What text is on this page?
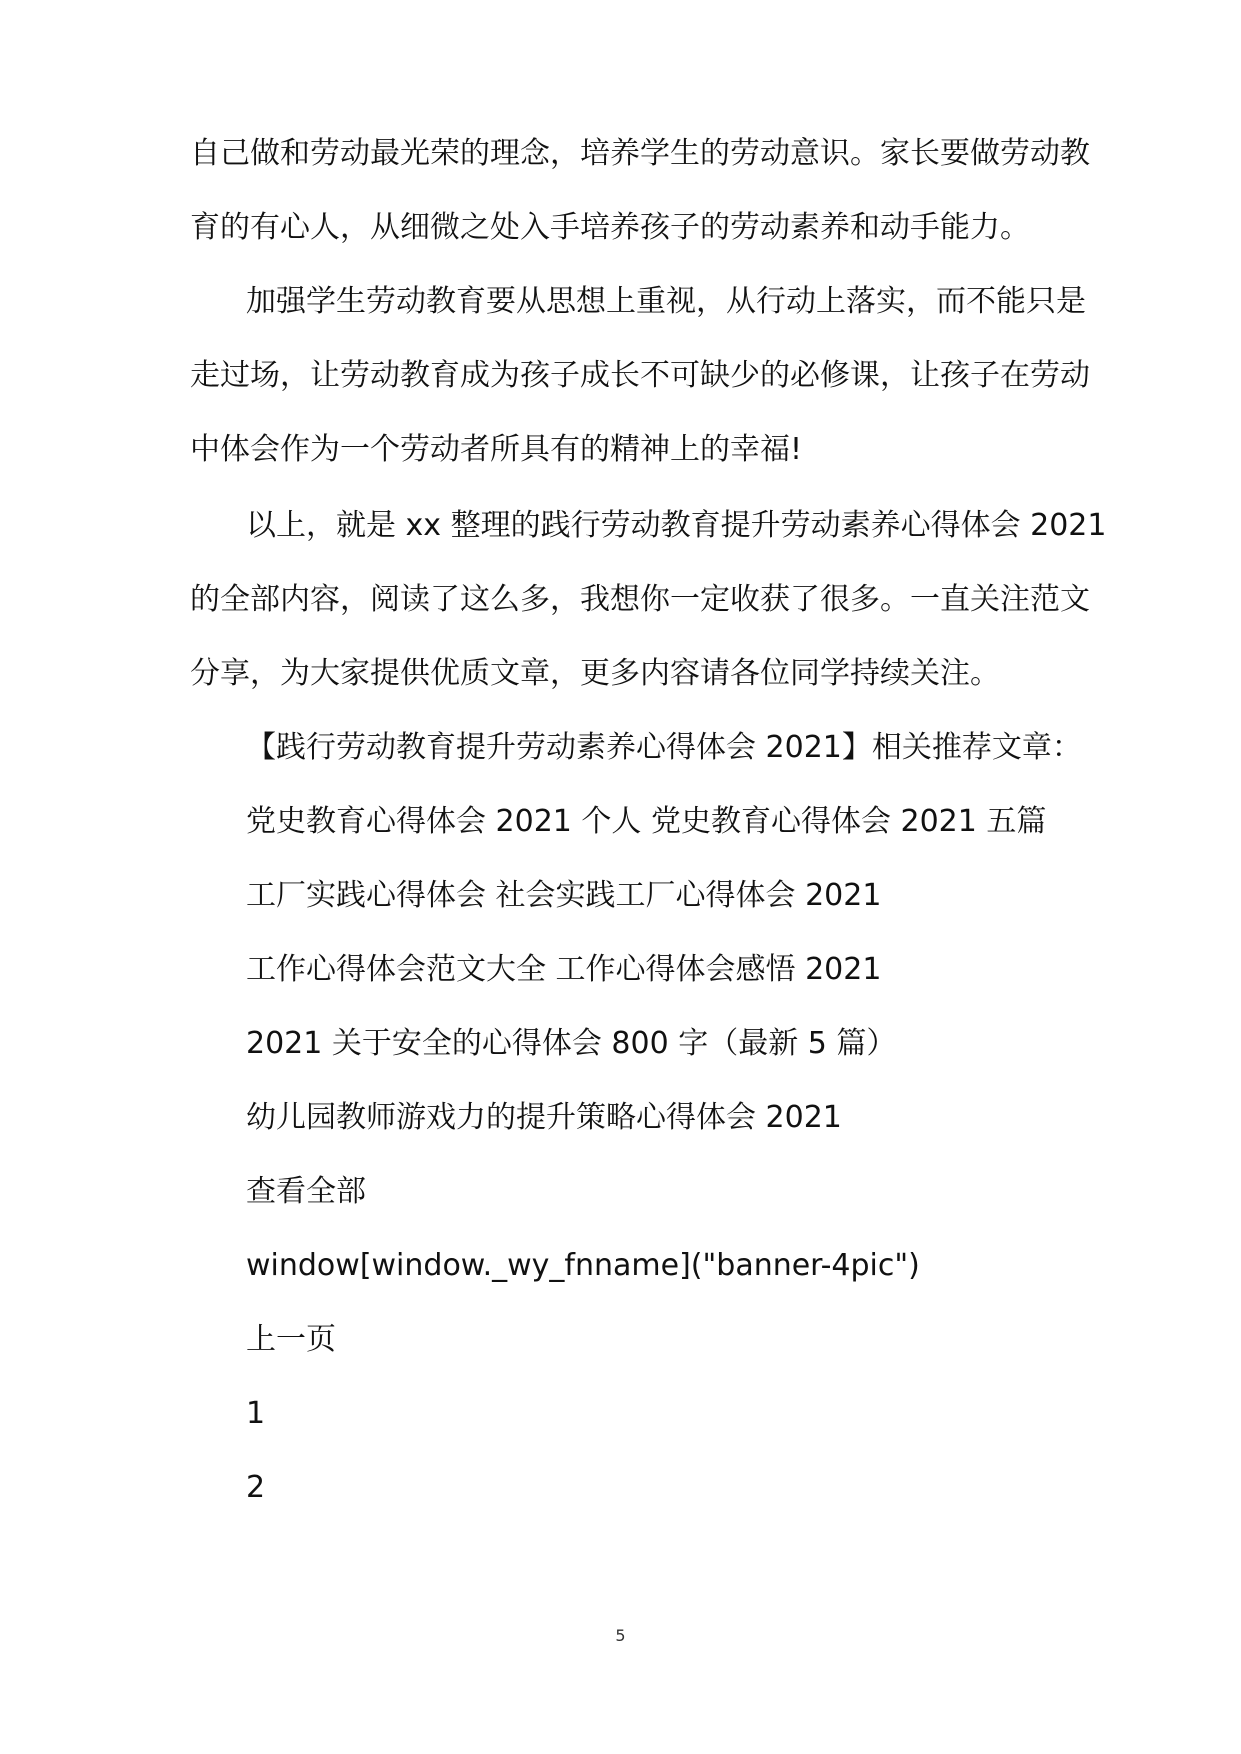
自己做和劳动最光荣的理念，培养学生的劳动意识。家长要做劳动教
育的有心人，从细微之处入手培养孩子的劳动素养和动手能力。
加强学生劳动教育要从思想上重视，从行动上落实，而不能只是
走过场，让劳动教育成为孩子成长不可缺少的必修课，让孩子在劳动
中体会作为一个劳动者所具有的精神上的幸福!
以上，就是 xx 整理的践行劳动教育提升劳动素养心得体会 2021
的全部内容，阅读了这么多，我想你一定收获了很多。一直关注范文
分享，为大家提供优质文章，更多内容请各位同学持续关注。
【践行劳动教育提升劳动素养心得体会 2021】相关推荐文章：
党史教育心得体会 2021 个人 党史教育心得体会 2021 五篇
工厂实践心得体会 社会实践工厂心得体会 2021
工作心得体会范文大全 工作心得体会感悟 2021
2021 关于安全的心得体会 800 字（最新 5 篇）
幼儿园教师游戏力的提升策略心得体会 2021
查看全部
window[window._wy_fnname]("banner-4pic")
上一页
1
2
5
